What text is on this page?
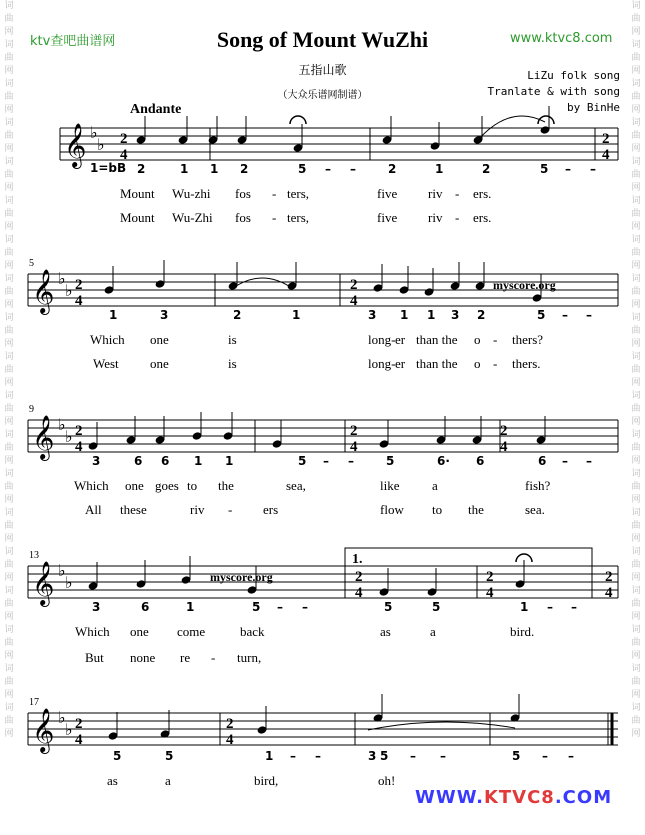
词曲网词曲网词曲网词曲网词曲网词曲网词曲网词曲网词曲网词曲网词曲网词曲网词曲网词曲网词曲网词曲网词曲网词曲网词曲网
词曲网词曲网词曲网词曲网词曲网词曲网词曲网词曲网词曲网词曲网词曲网词曲网词曲网词曲网词曲网词曲网词曲网词曲网词曲网
ktv查吧曲谱网	www.ktvc8.com
Song of Mount WuZhi
五指山歌
（大众乐谱网制谱）
LiZu folk song
Tranlate & with song
by BinHe
Andante
𝄞 ♭
♭
𝄞 ♭
♭
𝄞 ♭
♭
𝄞 ♭
♭
𝄞 ♭
♭
2
4
2
4
2
4
2
4
2
4
2
4
2
4
2
4
2
4
2
4
2
4
2
4
5
9
13
17
1=bB
myscore.org
myscore.org
1.
2	1 1 2	5 – –	2	1	2	5 – –
Mount Wu-zhi fos - ters,	five riv - ers.
Mount Wu-Zhi fos - ters,	five riv - ers.
1	3	2	1	3 1 1 3 2	5 – –
Which one	is	long- er than the o - thers?
West one	is	long- er than the o - thers.
3	6 6 1 1	5 – –	5	6· 6	6 – –
Which one goes to the	sea,	like	a	fish?
All these	riv - ers	flow to the	sea.
3	6	1	5 – –	5	5	1 – –
Which one come	back	as	a	bird.
But none re - turn,
5	5	1 – –	3 5 – –	5 – –
as	a	bird,	oh!
WWW.KTVC8.COM
